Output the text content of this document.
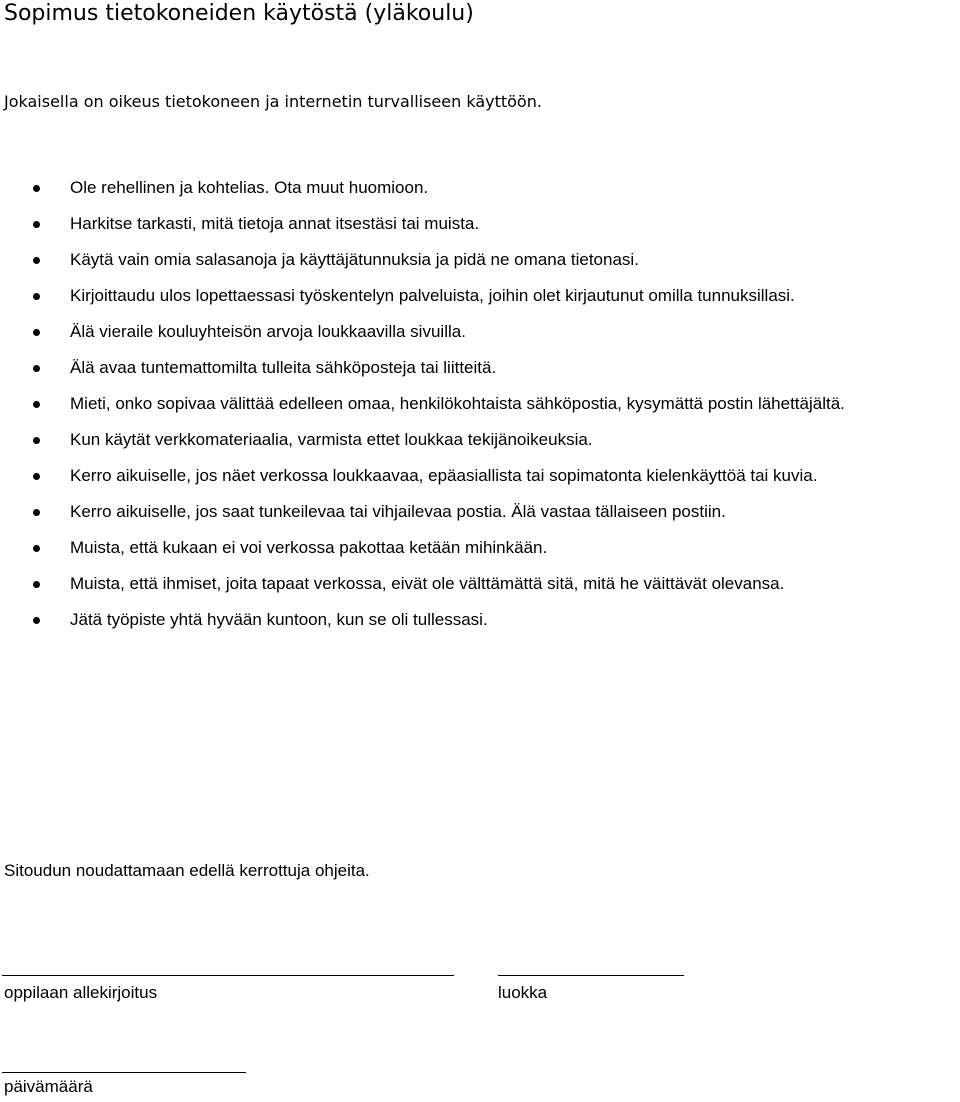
Sopimus tietokoneiden käytöstä (yläkoulu)

Jokaisella on oikeus tietokoneen ja internetin turvalliseen käyttöön.

Ole rehellinen ja kohtelias. Ota muut huomioon.
Harkitse tarkasti, mitä tietoja annat itsestäsi tai muista.
Käytä vain omia salasanoja ja käyttäjätunnuksia ja pidä ne omana tietonasi.
Kirjoittaudu ulos lopettaessasi työskentelyn palveluista, joihin olet kirjautunut omilla tunnuksillasi.
Älä vieraile kouluyhteisön arvoja loukkaavilla sivuilla.
Älä avaa tuntemattomilta tulleita sähköposteja tai liitteitä.
Mieti, onko sopivaa välittää edelleen omaa, henkilökohtaista sähköpostia, kysymättä postin lähettäjältä.
Kun käytät verkkomateriaalia, varmista ettet loukkaa tekijänoikeuksia.
Kerro aikuiselle, jos näet verkossa loukkaavaa, epäasiallista tai sopimatonta kielenkäyttöä tai kuvia.
Kerro aikuiselle, jos saat tunkeilevaa tai vihjailevaa postia. Älä vastaa tällaiseen postiin.
Muista, että kukaan ei voi verkossa pakottaa ketään mihinkään.
Muista, että ihmiset, joita tapaat verkossa, eivät ole välttämättä sitä, mitä he väittävät olevansa.
Jätä työpiste yhtä hyvään kuntoon, kun se oli tullessasi.

Sitoudun noudattamaan edellä kerrottuja ohjeita.

oppilaan allekirjoitus	luokka
päivämäärä
